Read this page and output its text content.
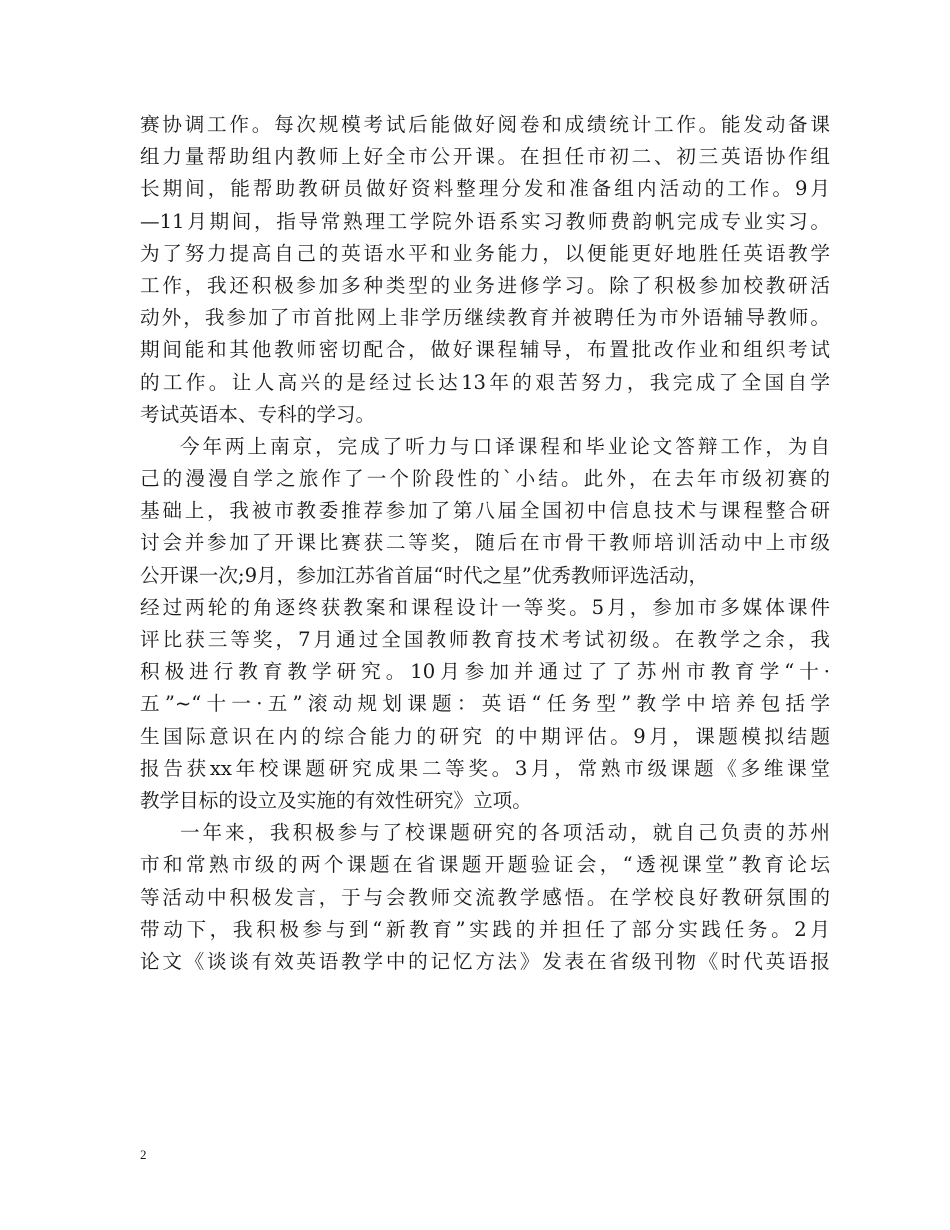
赛协调工作。每次规模考试后能做好阅卷和成绩统计工作。能发动备课
组力量帮助组内教师上好全市公开课。在担任市初二、初三英语协作组
长期间，能帮助教研员做好资料整理分发和准备组内活动的工作。9月
—11月期间，指导常熟理工学院外语系实习教师费韵帆完成专业实习。
为了努力提高自己的英语水平和业务能力，以便能更好地胜任英语教学
工作，我还积极参加多种类型的业务进修学习。除了积极参加校教研活
动外，我参加了市首批网上非学历继续教育并被聘任为市外语辅导教师。
期间能和其他教师密切配合，做好课程辅导，布置批改作业和组织考试
的工作。让人高兴的是经过长达13年的艰苦努力，我完成了全国自学
考试英语本、专科的学习。
今年两上南京，完成了听力与口译课程和毕业论文答辩工作，为自
己的漫漫自学之旅作了一个阶段性的`小结。此外，在去年市级初赛的
基础上，我被市教委推荐参加了第八届全国初中信息技术与课程整合研
讨会并参加了开课比赛获二等奖，随后在市骨干教师培训活动中上市级
公开课一次;9月，参加江苏省首届“时代之星”优秀教师评选活动，
经过两轮的角逐终获教案和课程设计一等奖。5月，参加市多媒体课件
评比获三等奖，7月通过全国教师教育技术考试初级。在教学之余，我
积极进行教育教学研究。10月参加并通过了了苏州市教育学“十·
五”~“十一·五”滚动规划课题：英语“任务型”教学中培养包括学
生国际意识在内的综合能力的研究 的中期评估。9月，课题模拟结题
报告获xx年校课题研究成果二等奖。3月，常熟市级课题《多维课堂
教学目标的设立及实施的有效性研究》立项。
一年来，我积极参与了校课题研究的各项活动，就自己负责的苏州
市和常熟市级的两个课题在省课题开题验证会，“透视课堂”教育论坛
等活动中积极发言，于与会教师交流教学感悟。在学校良好教研氛围的
带动下，我积极参与到“新教育”实践的并担任了部分实践任务。2月
论文《谈谈有效英语教学中的记忆方法》发表在省级刊物《时代英语报
2
